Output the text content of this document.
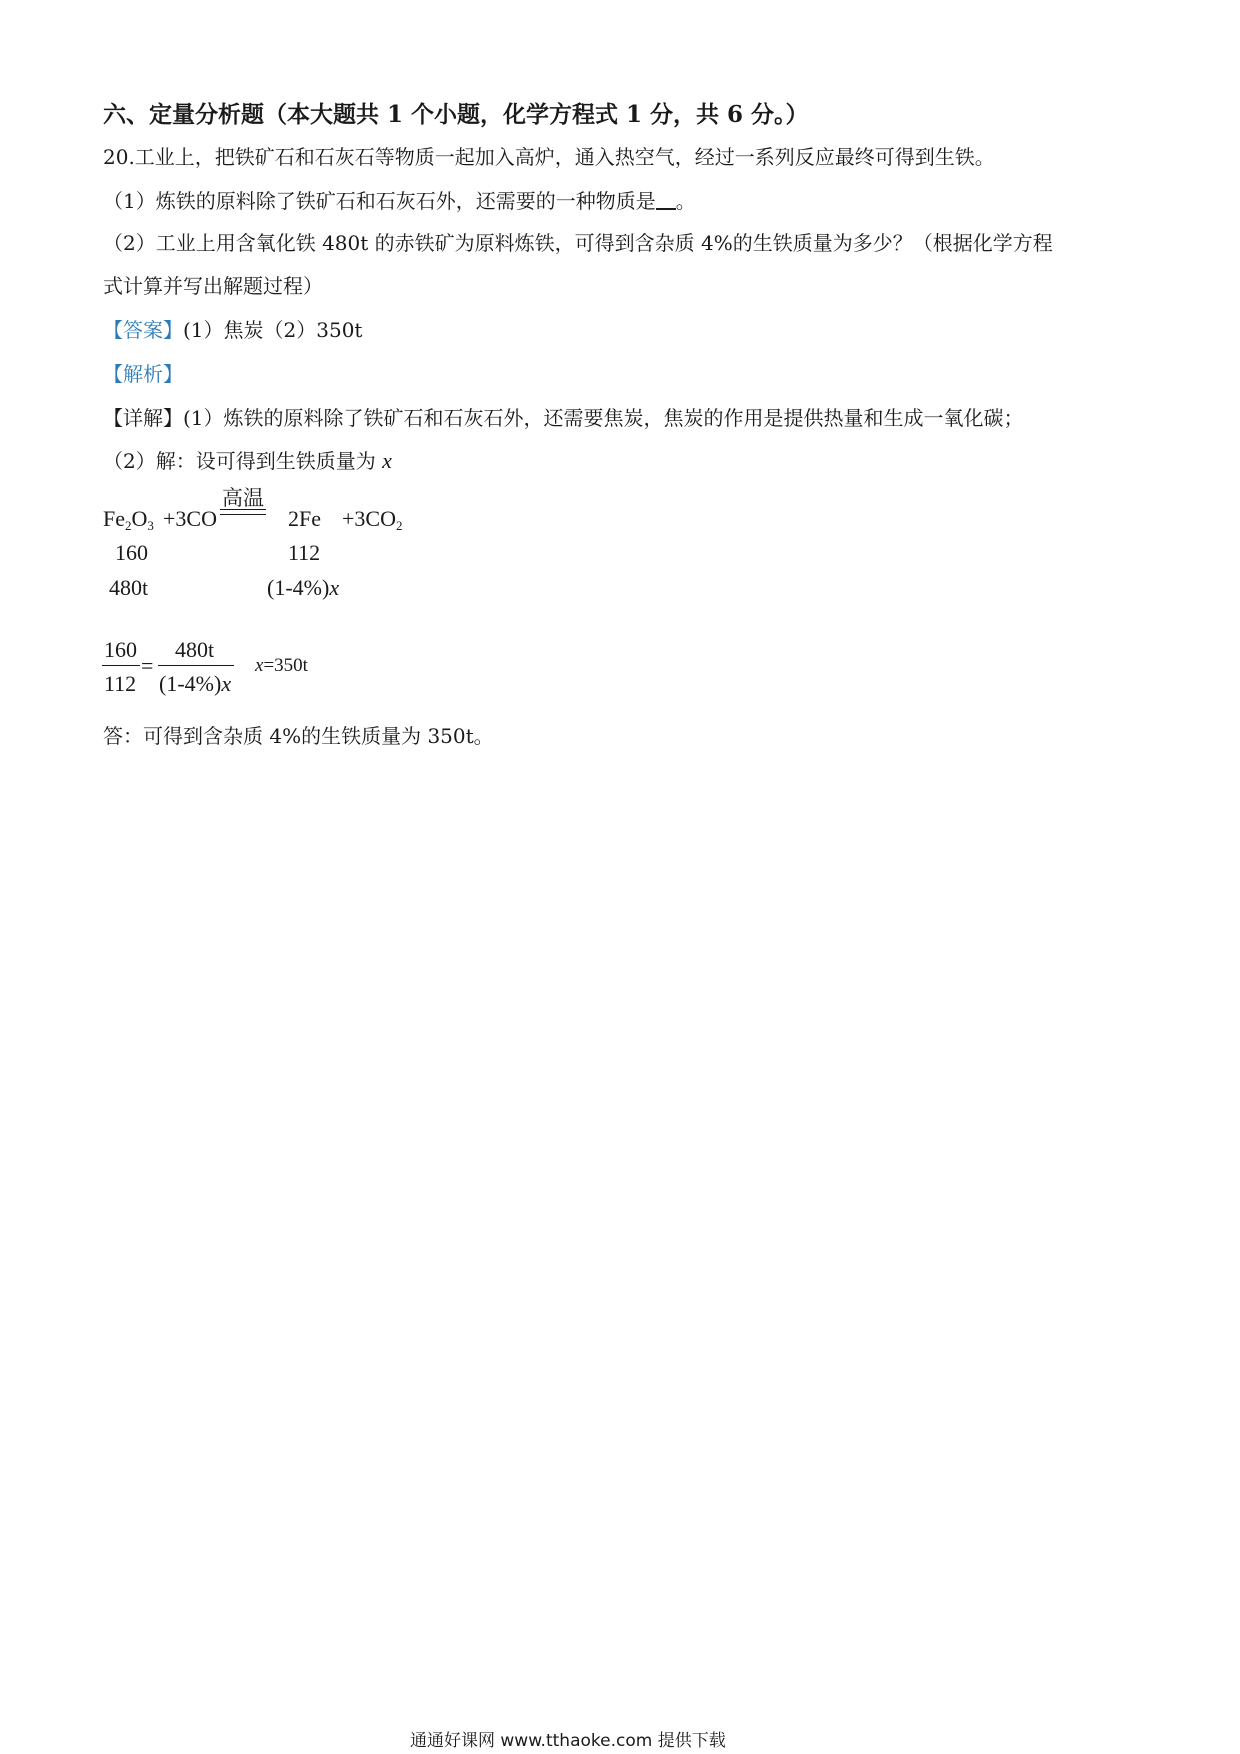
六、定量分析题（本大题共 1 个小题，化学方程式 1 分，共 6 分。）
20.工业上，把铁矿石和石灰石等物质一起加入高炉，通入热空气，经过一系列反应最终可得到生铁。
（1）炼铁的原料除了铁矿石和石灰石外，还需要的一种物质是 。
（2）工业上用含氧化铁 480t 的赤铁矿为原料炼铁，可得到含杂质 4%的生铁质量为多少？（根据化学方程
式计算并写出解题过程）
【答案】(1）焦炭（2）350t
【解析】
【详解】(1）炼铁的原料除了铁矿石和石灰石外，还需要焦炭，焦炭的作用是提供热量和生成一氧化碳；
（2）解：设可得到生铁质量为 x
高温
$Fe_2O_3 +3CO$	$2Fe +3CO_2$
160	112
480t	(1-4%)x
160
112
=
480t
(1-4%)x
x=350t
答：可得到含杂质 4%的生铁质量为 350t。
通通好课网 www.tthaoke.com 提供下载
